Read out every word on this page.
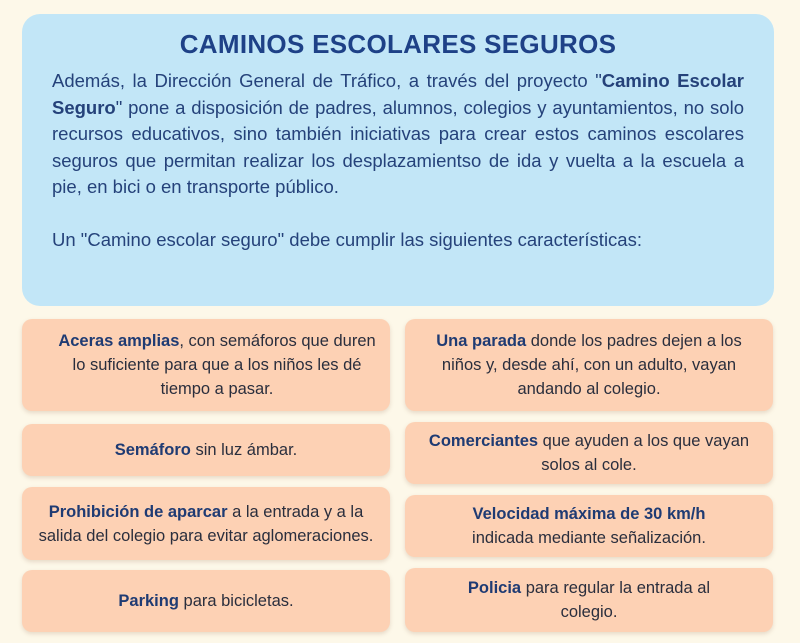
CAMINOS ESCOLARES SEGUROS

Además, la Dirección General de Tráfico, a través del proyecto "Camino Escolar Seguro" pone a disposición de padres, alumnos, colegios y ayuntamientos, no solo recursos educativos, sino también iniciativas para crear estos caminos escolares seguros que permitan realizar los desplazamientso de ida y vuelta a la escuela a pie, en bici o en transporte público.

Un "Camino escolar seguro" debe cumplir las siguientes características:

Aceras amplias, con semáforos que duren lo suficiente para que a los niños les dé tiempo a pasar.
Una parada donde los padres dejen a los niños y, desde ahí, con un adulto, vayan andando al colegio.
Semáforo sin luz ámbar.	Comerciantes que ayuden a los que vayan solos al cole.
Prohibición de aparcar a la entrada y a la salida del colegio para evitar aglomeraciones.
Velocidad máxima de 30 km/h indicada mediante señalización.
Parking para bicicletas.
Policia para regular la entrada al colegio.
